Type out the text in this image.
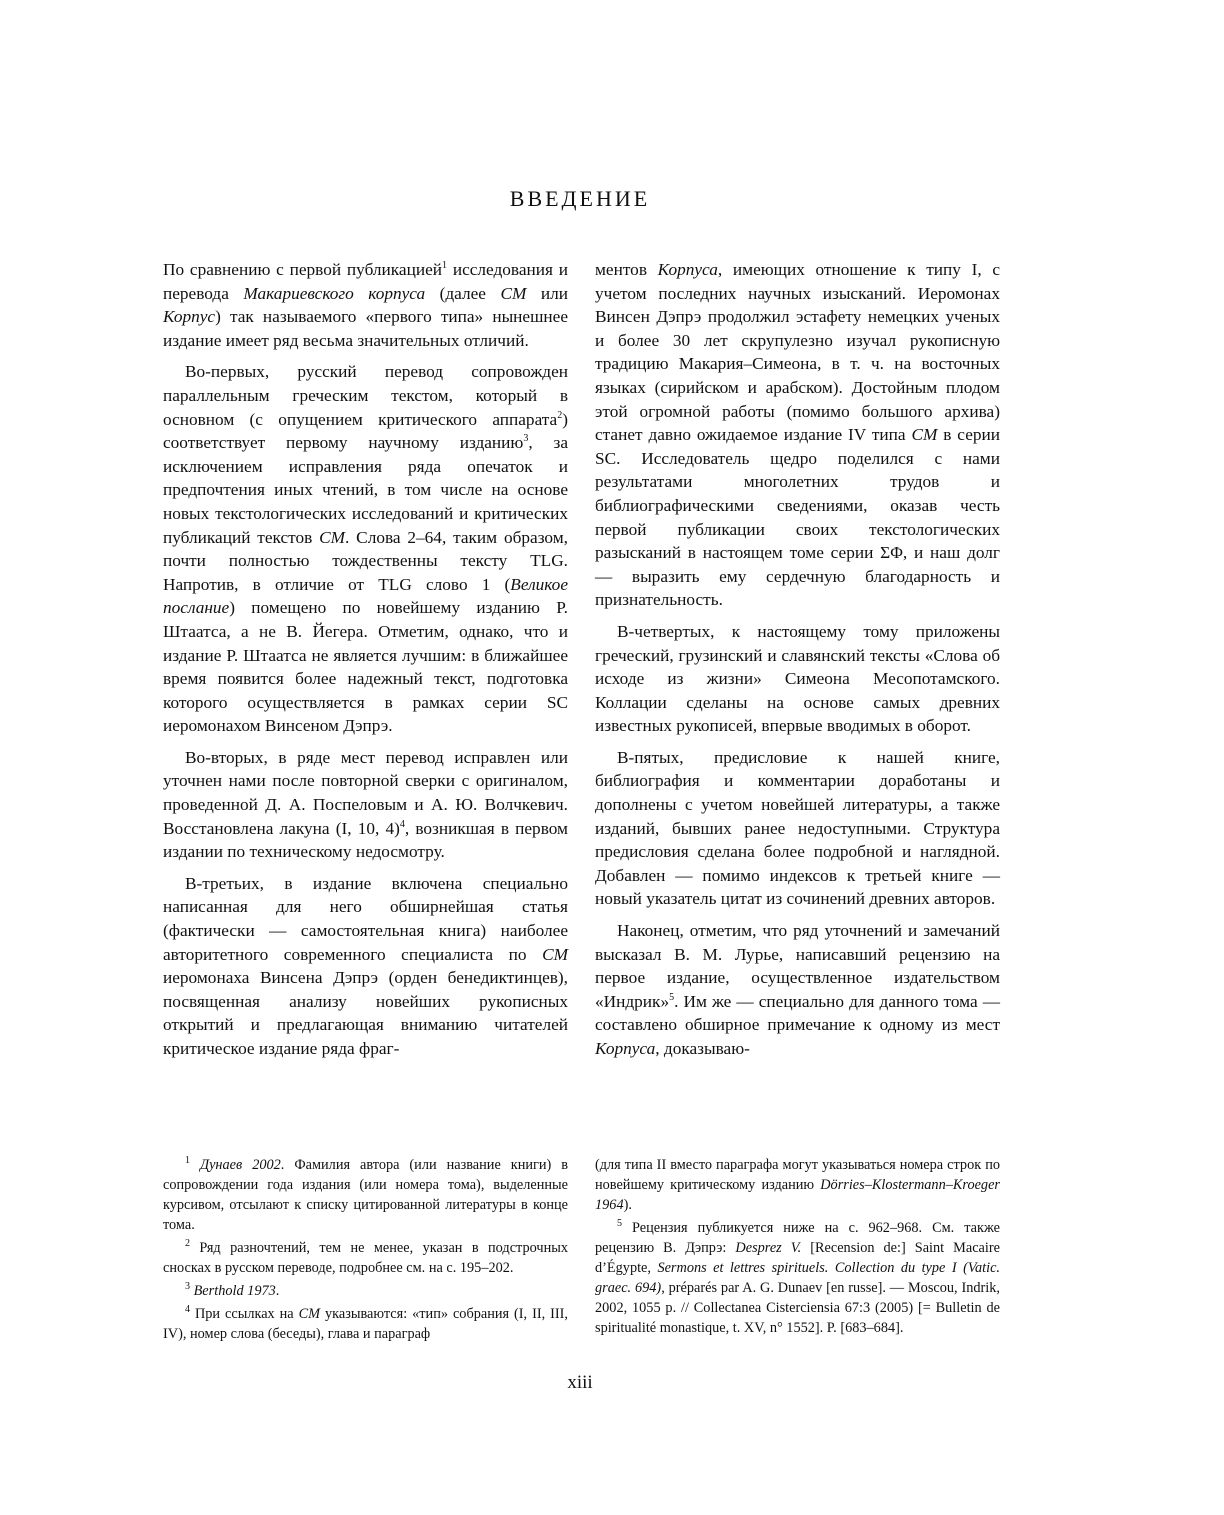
ВВЕДЕНИЕ

По сравнению с первой публикацией$^1$ исследования и перевода Макариевского корпуса (далее СМ или Корпус) так называемого «первого типа» нынешнее издание имеет ряд весьма значительных отличий.

Во-первых, русский перевод сопровожден параллельным греческим текстом, который в основном (с опущением критического аппарата$^2$) соответствует первому научному изданию$^3$, за исключением исправления ряда опечаток и предпочтения иных чтений, в том числе на основе новых текстологических исследований и критических публикаций текстов СМ. Слова 2–64, таким образом, почти полностью тождественны тексту TLG. Напротив, в отличие от TLG слово 1 (Великое послание) помещено по новейшему изданию Р. Штаатса, а не В. Йегера. Отметим, однако, что и издание Р. Штаатса не является лучшим: в ближайшее время появится более надежный текст, подготовка которого осуществляется в рамках серии SC иеромонахом Винсеном Дэпрэ.

Во-вторых, в ряде мест перевод исправлен или уточнен нами после повторной сверки с оригиналом, проведенной Д. А. Поспеловым и А. Ю. Волчкевич. Восстановлена лакуна (I, 10, 4)$^4$, возникшая в первом издании по техническому недосмотру.

В-третьих, в издание включена специально написанная для него обширнейшая статья (фактически — самостоятельная книга) наиболее авторитетного современного специалиста по СМ иеромонаха Винсена Дэпрэ (орден бенедиктинцев), посвященная анализу новейших рукописных открытий и предлагающая вниманию читателей критическое издание ряда фраг-

ментов Корпуса, имеющих отношение к типу I, с учетом последних научных изысканий. Иеромонах Винсен Дэпрэ продолжил эстафету немецких ученых и более 30 лет скрупулезно изучал рукописную традицию Макария–Симеона, в т. ч. на восточных языках (сирийском и арабском). Достойным плодом этой огромной работы (помимо большого архива) станет давно ожидаемое издание IV типа СМ в серии SC. Исследователь щедро поделился с нами результатами многолетних трудов и библиографическими сведениями, оказав честь первой публикации своих текстологических разысканий в настоящем томе серии ΣΦ, и наш долг — выразить ему сердечную благодарность и признательность.

В-четвертых, к настоящему тому приложены греческий, грузинский и славянский тексты «Слова об исходе из жизни» Симеона Месопотамского. Коллации сделаны на основе самых древних известных рукописей, впервые вводимых в оборот.

В-пятых, предисловие к нашей книге, библиография и комментарии доработаны и дополнены с учетом новейшей литературы, а также изданий, бывших ранее недоступными. Структура предисловия сделана более подробной и наглядной. Добавлен — помимо индексов к третьей книге — новый указатель цитат из сочинений древних авторов.

Наконец, отметим, что ряд уточнений и замечаний высказал В. М. Лурье, написавший рецензию на первое издание, осуществленное издательством «Индрик»$^5$. Им же — специально для данного тома — составлено обширное примечание к одному из мест Корпуса, доказываю-

$^1$ Дунаев 2002. Фамилия автора (или название книги) в сопровождении года издания (или номера тома), выделенные курсивом, отсылают к списку цитированной литературы в конце тома.

$^2$ Ряд разночтений, тем не менее, указан в подстрочных сносках в русском переводе, подробнее см. на с. 195–202.

$^3$ Berthold 1973.

$^4$ При ссылках на СМ указываются: «тип» собрания (I, II, III, IV), номер слова (беседы), глава и параграф

(для типа II вместо параграфа могут указываться номера строк по новейшему критическому изданию Dörries–Klostermann–Kroeger 1964).

$^5$ Рецензия публикуется ниже на с. 962–968. См. также рецензию В. Дэпрэ: Desprez V. [Recension de:] Saint Macaire d’Égypte, Sermons et lettres spirituels. Collection du type I (Vatic. graec. 694), préparés par A. G. Dunaev [en russe]. — Moscou, Indrik, 2002, 1055 p. // Collectanea Cisterciensia 67:3 (2005) [= Bulletin de spiritualité monastique, t. XV, n° 1552]. P. [683–684].

xiii
